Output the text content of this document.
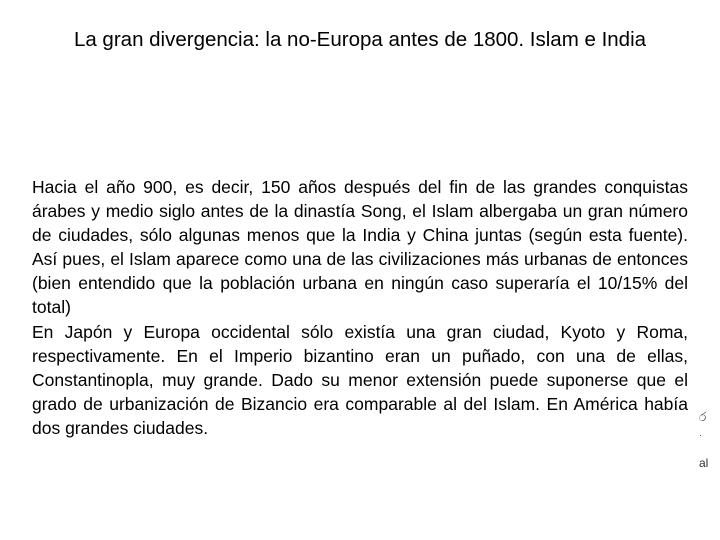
La gran divergencia: la no-Europa antes de 1800. Islam e India

Hacia el año 900, es decir, 150 años después del fin de las grandes conquistas árabes y medio siglo antes de la dinastía Song, el Islam albergaba un gran número de ciudades, sólo algunas menos que la India y China juntas (según esta fuente). Así pues, el Islam aparece como una de las civilizaciones más urbanas de entonces (bien entendido que la población urbana en ningún caso superaría el 10/15% del total)

En Japón y Europa occidental sólo existía una gran ciudad, Kyoto y Roma, respectivamente. En el Imperio bizantino eran un puñado, con una de ellas, Constantinopla, muy grande. Dado su menor extensión puede suponerse que el grado de urbanización de Bizancio era comparable al del Islam. En América había dos grandes ciudades.

ර
·
al
